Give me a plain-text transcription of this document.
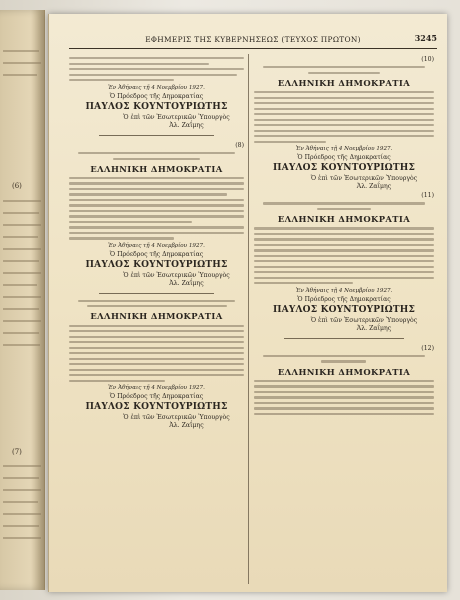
(6)
(7)
ΕΦΗΜΕΡΙΣ ΤΗΣ ΚΥΒΕΡΝΗΣΕΩΣ (ΤΕΥΧΟΣ ΠΡΩΤΟΝ)	3245

Ἐν Ἀθήναις τῇ 4 Νοεμβρίου 1927.

Ὁ Πρόεδρος τῆς Δημοκρατίας

ΠΑΥΛΟΣ ΚΟΥΝΤΟΥΡΙΩΤΗΣ

Ὁ ἐπὶ τῶν Ἐσωτερικῶν Ὑπουργὸς

Ἀλ. Ζαΐμης

(8)

ΕΛΛΗΝΙΚΗ ΔΗΜΟΚΡΑΤΙΑ

Ἐν Ἀθήναις τῇ 4 Νοεμβρίου 1927.

Ὁ Πρόεδρος τῆς Δημοκρατίας

ΠΑΥΛΟΣ ΚΟΥΝΤΟΥΡΙΩΤΗΣ

Ὁ ἐπὶ τῶν Ἐσωτερικῶν Ὑπουργὸς

Ἀλ. Ζαΐμης

ΕΛΛΗΝΙΚΗ ΔΗΜΟΚΡΑΤΙΑ

Ἐν Ἀθήναις τῇ 4 Νοεμβρίου 1927.

Ὁ Πρόεδρος τῆς Δημοκρατίας

ΠΑΥΛΟΣ ΚΟΥΝΤΟΥΡΙΩΤΗΣ

Ὁ ἐπὶ τῶν Ἐσωτερικῶν Ὑπουργὸς

Ἀλ. Ζαΐμης

(10)

ΕΛΛΗΝΙΚΗ ΔΗΜΟΚΡΑΤΙΑ

Ἐν Ἀθήναις τῇ 4 Νοεμβρίου 1927.

Ὁ Πρόεδρος τῆς Δημοκρατίας

ΠΑΥΛΟΣ ΚΟΥΝΤΟΥΡΙΩΤΗΣ

Ὁ ἐπὶ τῶν Ἐσωτερικῶν Ὑπουργὸς

Ἀλ. Ζαΐμης

(11)

ΕΛΛΗΝΙΚΗ ΔΗΜΟΚΡΑΤΙΑ

Ἐν Ἀθήναις τῇ 4 Νοεμβρίου 1927.

Ὁ Πρόεδρος τῆς Δημοκρατίας

ΠΑΥΛΟΣ ΚΟΥΝΤΟΥΡΙΩΤΗΣ

Ὁ ἐπὶ τῶν Ἐσωτερικῶν Ὑπουργὸς

Ἀλ. Ζαΐμης

(12)

ΕΛΛΗΝΙΚΗ ΔΗΜΟΚΡΑΤΙΑ
